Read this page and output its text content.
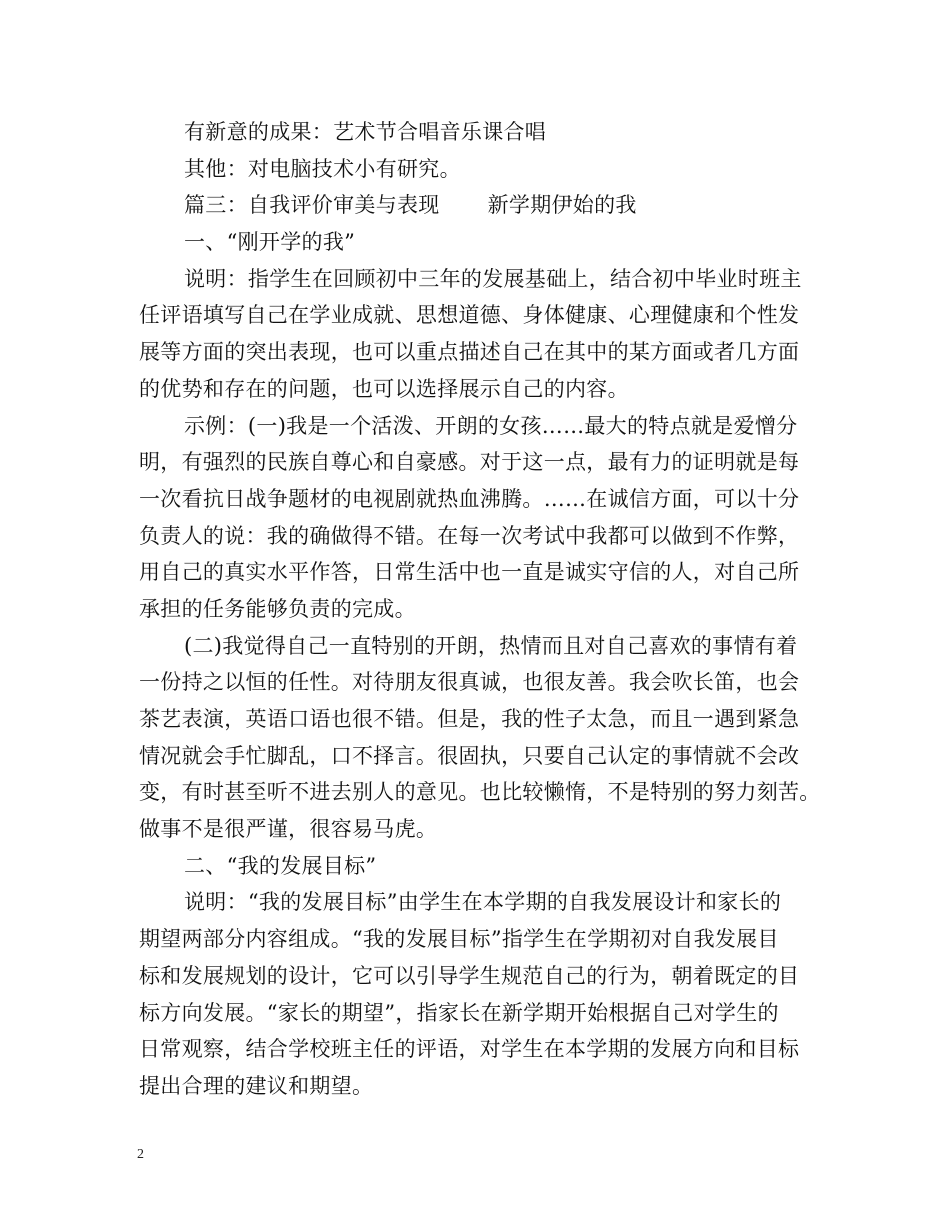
有新意的成果：艺术节合唱音乐课合唱
其他：对电脑技术小有研究。
篇三：自我评价审美与表现 新学期伊始的我
一、“刚开学的我”
说明：指学生在回顾初中三年的发展基础上，结合初中毕业时班主
任评语填写自己在学业成就、思想道德、身体健康、心理健康和个性发
展等方面的突出表现，也可以重点描述自己在其中的某方面或者几方面
的优势和存在的问题，也可以选择展示自己的内容。
示例：(一)我是一个活泼、开朗的女孩……最大的特点就是爱憎分
明，有强烈的民族自尊心和自豪感。对于这一点，最有力的证明就是每
一次看抗日战争题材的电视剧就热血沸腾。……在诚信方面，可以十分
负责人的说：我的确做得不错。在每一次考试中我都可以做到不作弊，
用自己的真实水平作答，日常生活中也一直是诚实守信的人，对自己所
承担的任务能够负责的完成。
(二)我觉得自己一直特别的开朗，热情而且对自己喜欢的事情有着
一份持之以恒的任性。对待朋友很真诚，也很友善。我会吹长笛，也会
茶艺表演，英语口语也很不错。但是，我的性子太急，而且一遇到紧急
情况就会手忙脚乱，口不择言。很固执，只要自己认定的事情就不会改
变，有时甚至听不进去别人的意见。也比较懒惰，不是特别的努力刻苦。
做事不是很严谨，很容易马虎。
二、“我的发展目标”
说明：“我的发展目标”由学生在本学期的自我发展设计和家长的
期望两部分内容组成。“我的发展目标”指学生在学期初对自我发展目
标和发展规划的设计，它可以引导学生规范自己的行为，朝着既定的目
标方向发展。“家长的期望”，指家长在新学期开始根据自己对学生的
日常观察，结合学校班主任的评语，对学生在本学期的发展方向和目标
提出合理的建议和期望。
2
